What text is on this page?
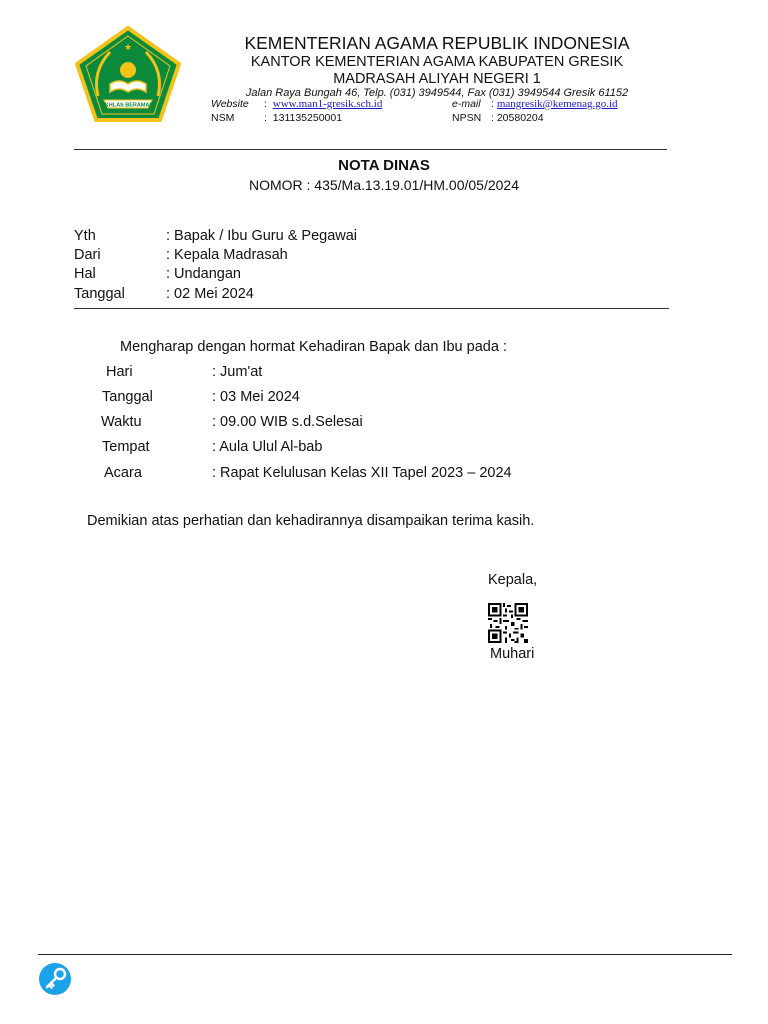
★
IKHLAS BERAMAL
KEMENTERIAN AGAMA REPUBLIK INDONESIA
KANTOR KEMENTERIAN AGAMA KABUPATEN GRESIK
MADRASAH ALIYAH NEGERI 1
Jalan Raya Bungah 46, Telp. (031) 3949544, Fax (031) 3949544 Gresik 61152
Website :  www.man1-gresik.sch.id	e-mail : mangresik@kemenag.go.id
NSM	:  131135250001	NPSN : 20580204
NOTA DINAS
NOMOR : 435/Ma.13.19.01/HM.00/05/2024
Yth	: Bapak / Ibu Guru & Pegawai
Dari	: Kepala Madrasah
Hal	: Undangan
Tanggal	: 02 Mei 2024
Mengharap dengan hormat Kehadiran Bapak dan Ibu pada :
Hari	: Jum'at
Tanggal	: 03 Mei 2024
Waktu	: 09.00 WIB s.d.Selesai
Tempat	: Aula Ulul Al-bab
Acara	: Rapat Kelulusan Kelas XII Tapel 2023 – 2024
Demikian atas perhatian dan kehadirannya disampaikan terima kasih.
Kepala,
Muhari
